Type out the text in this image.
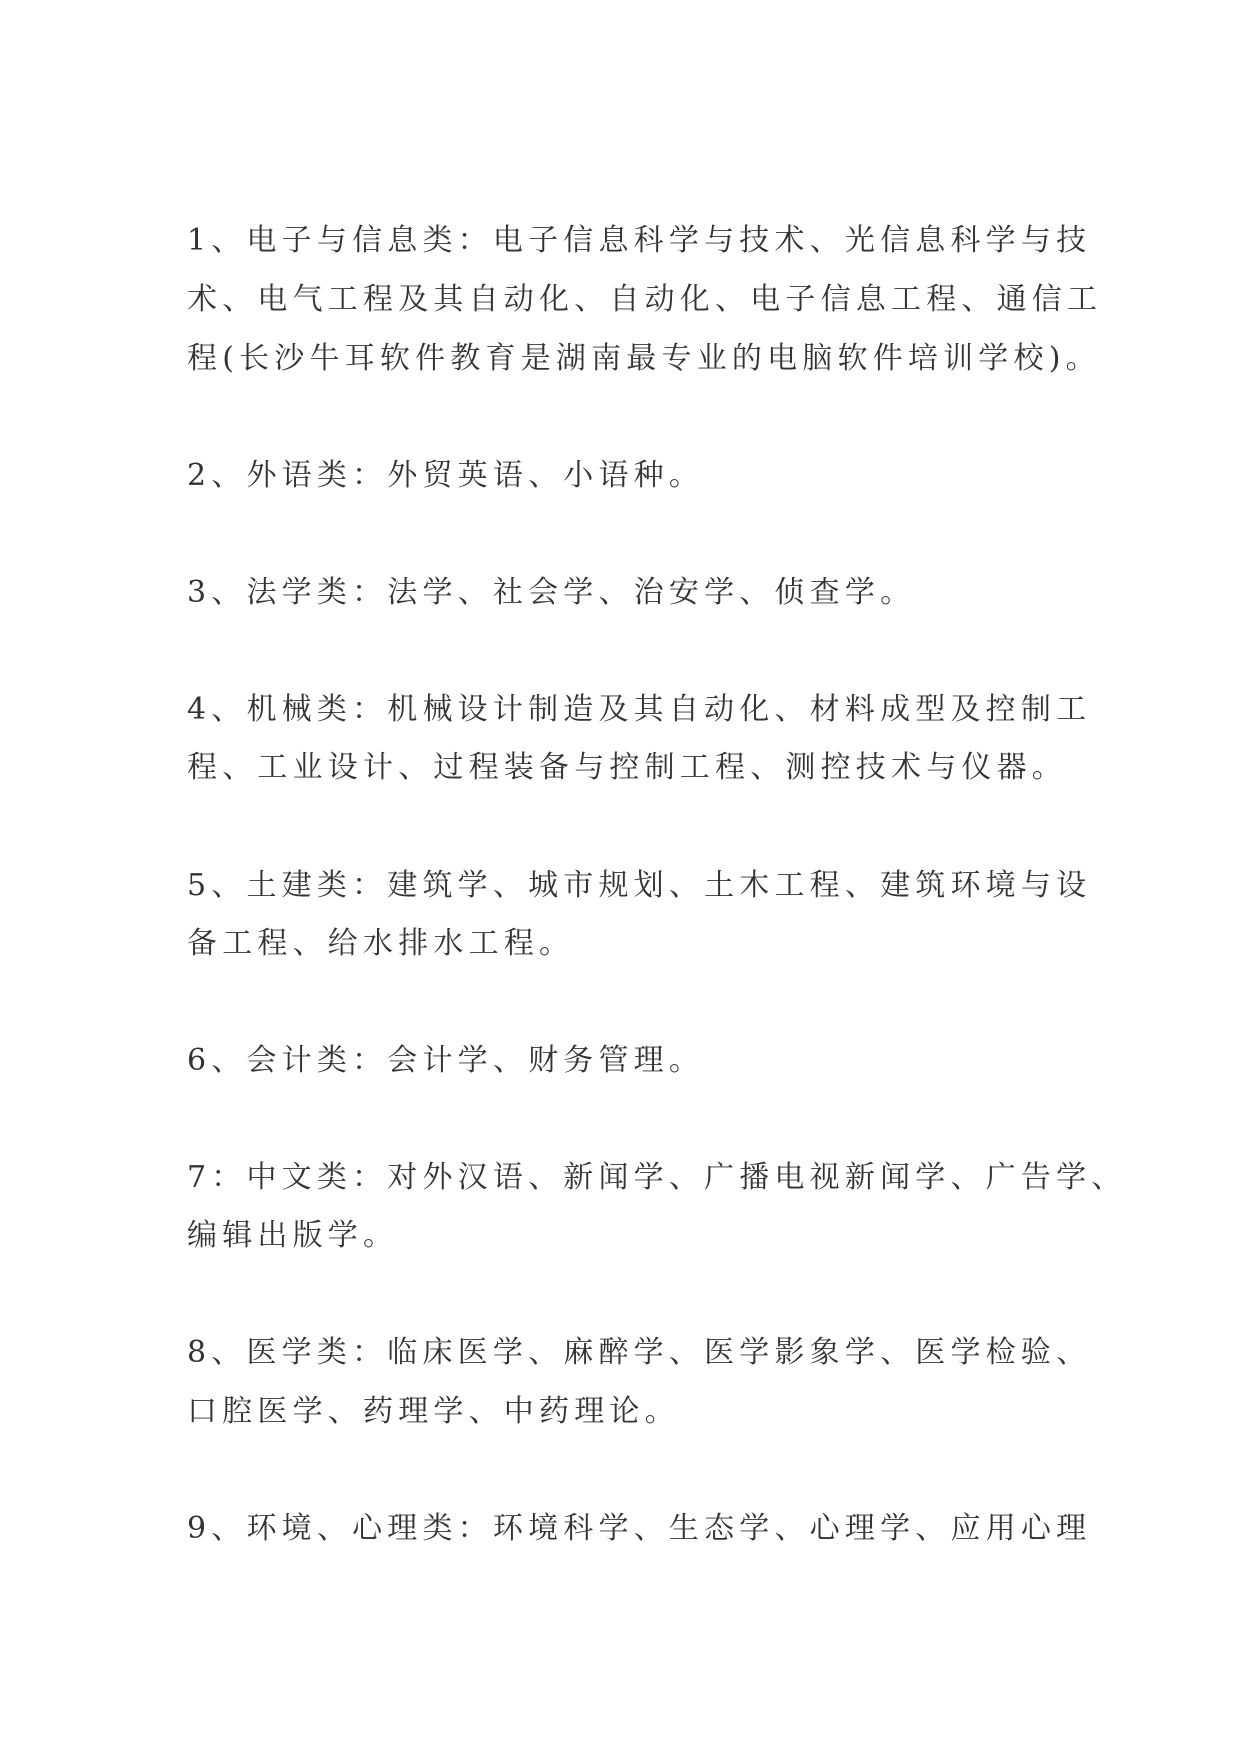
1、电子与信息类：电子信息科学与技术、光信息科学与技
术、电气工程及其自动化、自动化、电子信息工程、通信工
程(长沙牛耳软件教育是湖南最专业的电脑软件培训学校)。
2、外语类：外贸英语、小语种。
3、法学类：法学、社会学、治安学、侦查学。
4、机械类：机械设计制造及其自动化、材料成型及控制工
程、工业设计、过程装备与控制工程、测控技术与仪器。
5、土建类：建筑学、城市规划、土木工程、建筑环境与设
备工程、给水排水工程。
6、会计类：会计学、财务管理。
7：中文类：对外汉语、新闻学、广播电视新闻学、广告学、
编辑出版学。
8、医学类：临床医学、麻醉学、医学影象学、医学检验、
口腔医学、药理学、中药理论。
9、环境、心理类：环境科学、生态学、心理学、应用心理
